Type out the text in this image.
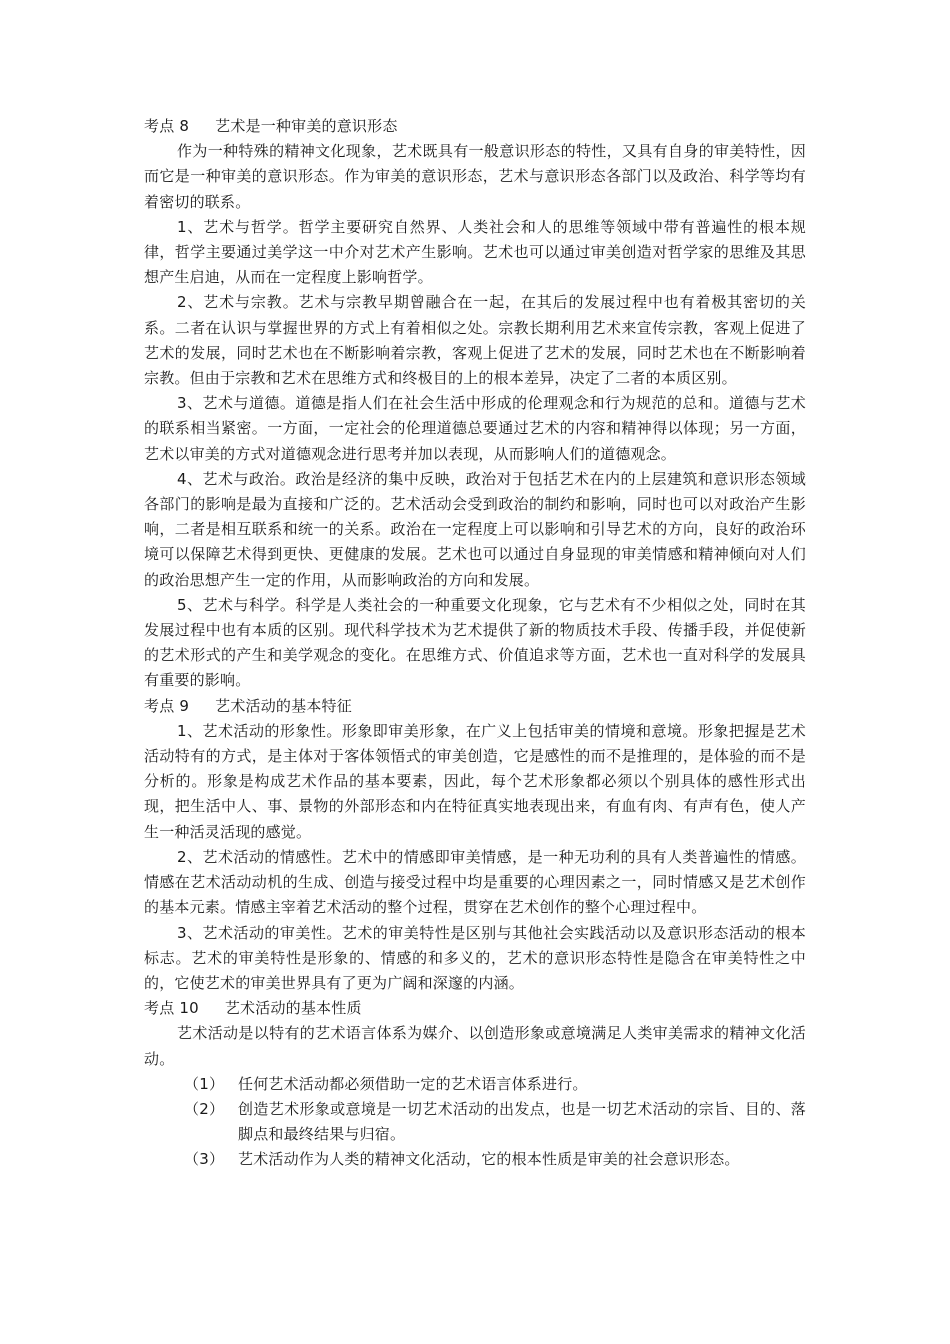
考点 8 艺术是一种审美的意识形态

作为一种特殊的精神文化现象，艺术既具有一般意识形态的特性，又具有自身的审美特性，因而它是一种审美的意识形态。作为审美的意识形态，艺术与意识形态各部门以及政治、科学等均有着密切的联系。

1、艺术与哲学。哲学主要研究自然界、人类社会和人的思维等领域中带有普遍性的根本规律，哲学主要通过美学这一中介对艺术产生影响。艺术也可以通过审美创造对哲学家的思维及其思想产生启迪，从而在一定程度上影响哲学。

2、艺术与宗教。艺术与宗教早期曾融合在一起，在其后的发展过程中也有着极其密切的关系。二者在认识与掌握世界的方式上有着相似之处。宗教长期利用艺术来宣传宗教，客观上促进了艺术的发展，同时艺术也在不断影响着宗教，客观上促进了艺术的发展，同时艺术也在不断影响着宗教。但由于宗教和艺术在思维方式和终极目的上的根本差异，决定了二者的本质区别。

3、艺术与道德。道德是指人们在社会生活中形成的伦理观念和行为规范的总和。道德与艺术的联系相当紧密。一方面，一定社会的伦理道德总要通过艺术的内容和精神得以体现；另一方面，艺术以审美的方式对道德观念进行思考并加以表现，从而影响人们的道德观念。

4、艺术与政治。政治是经济的集中反映，政治对于包括艺术在内的上层建筑和意识形态领域各部门的影响是最为直接和广泛的。艺术活动会受到政治的制约和影响，同时也可以对政治产生影响，二者是相互联系和统一的关系。政治在一定程度上可以影响和引导艺术的方向，良好的政治环境可以保障艺术得到更快、更健康的发展。艺术也可以通过自身显现的审美情感和精神倾向对人们的政治思想产生一定的作用，从而影响政治的方向和发展。

5、艺术与科学。科学是人类社会的一种重要文化现象，它与艺术有不少相似之处，同时在其发展过程中也有本质的区别。现代科学技术为艺术提供了新的物质技术手段、传播手段，并促使新的艺术形式的产生和美学观念的变化。在思维方式、价值追求等方面，艺术也一直对科学的发展具有重要的影响。

考点 9 艺术活动的基本特征

1、艺术活动的形象性。形象即审美形象，在广义上包括审美的情境和意境。形象把握是艺术活动特有的方式，是主体对于客体领悟式的审美创造，它是感性的而不是推理的，是体验的而不是分析的。形象是构成艺术作品的基本要素，因此，每个艺术形象都必须以个别具体的感性形式出现，把生活中人、事、景物的外部形态和内在特征真实地表现出来，有血有肉、有声有色，使人产生一种活灵活现的感觉。

2、艺术活动的情感性。艺术中的情感即审美情感，是一种无功利的具有人类普遍性的情感。情感在艺术活动动机的生成、创造与接受过程中均是重要的心理因素之一，同时情感又是艺术创作的基本元素。情感主宰着艺术活动的整个过程，贯穿在艺术创作的整个心理过程中。

3、艺术活动的审美性。艺术的审美特性是区别与其他社会实践活动以及意识形态活动的根本标志。艺术的审美特性是形象的、情感的和多义的，艺术的意识形态特性是隐含在审美特性之中的，它使艺术的审美世界具有了更为广阔和深邃的内涵。

考点 10 艺术活动的基本性质

艺术活动是以特有的艺术语言体系为媒介、以创造形象或意境满足人类审美需求的精神文化活动。

（1） 任何艺术活动都必须借助一定的艺术语言体系进行。
（2） 创造艺术形象或意境是一切艺术活动的出发点，也是一切艺术活动的宗旨、目的、落脚点和最终结果与归宿。
（3） 艺术活动作为人类的精神文化活动，它的根本性质是审美的社会意识形态。
